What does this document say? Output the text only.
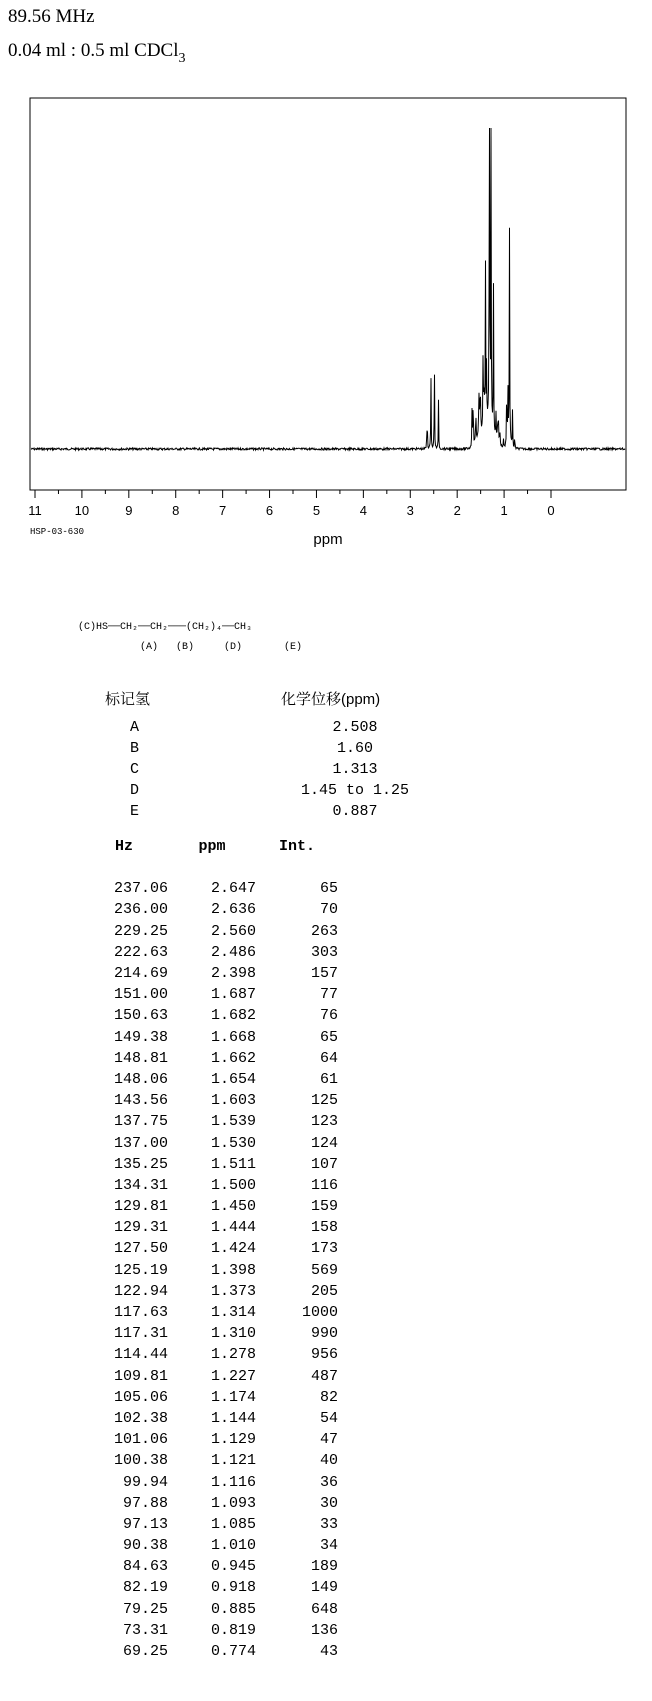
89.56 MHz
0.04 ml : 0.5 ml CDCl$_3$
11	10	9	8	7	6	5	4	3	2	1	0
ppm
HSP-03-630
(C)HS──CH₂──CH₂───(CH₂)₄──CH₃
(A)   (B)     (D)       (E)
标记氢	化学位移(ppm)
A	2.508
B	1.60
C	1.313
D	1.45 to 1.25
E	0.887
Hz	ppm	Int.

237.06	2.647	65
236.00	2.636	70
229.25	2.560	263
222.63	2.486	303
214.69	2.398	157
151.00	1.687	77
150.63	1.682	76
149.38	1.668	65
148.81	1.662	64
148.06	1.654	61
143.56	1.603	125
137.75	1.539	123
137.00	1.530	124
135.25	1.511	107
134.31	1.500	116
129.81	1.450	159
129.31	1.444	158
127.50	1.424	173
125.19	1.398	569
122.94	1.373	205
117.63	1.314	1000
117.31	1.310	990
114.44	1.278	956
109.81	1.227	487
105.06	1.174	82
102.38	1.144	54
101.06	1.129	47
100.38	1.121	40
99.94	1.116	36
97.88	1.093	30
97.13	1.085	33
90.38	1.010	34
84.63	0.945	189
82.19	0.918	149
79.25	0.885	648
73.31	0.819	136
69.25	0.774	43
